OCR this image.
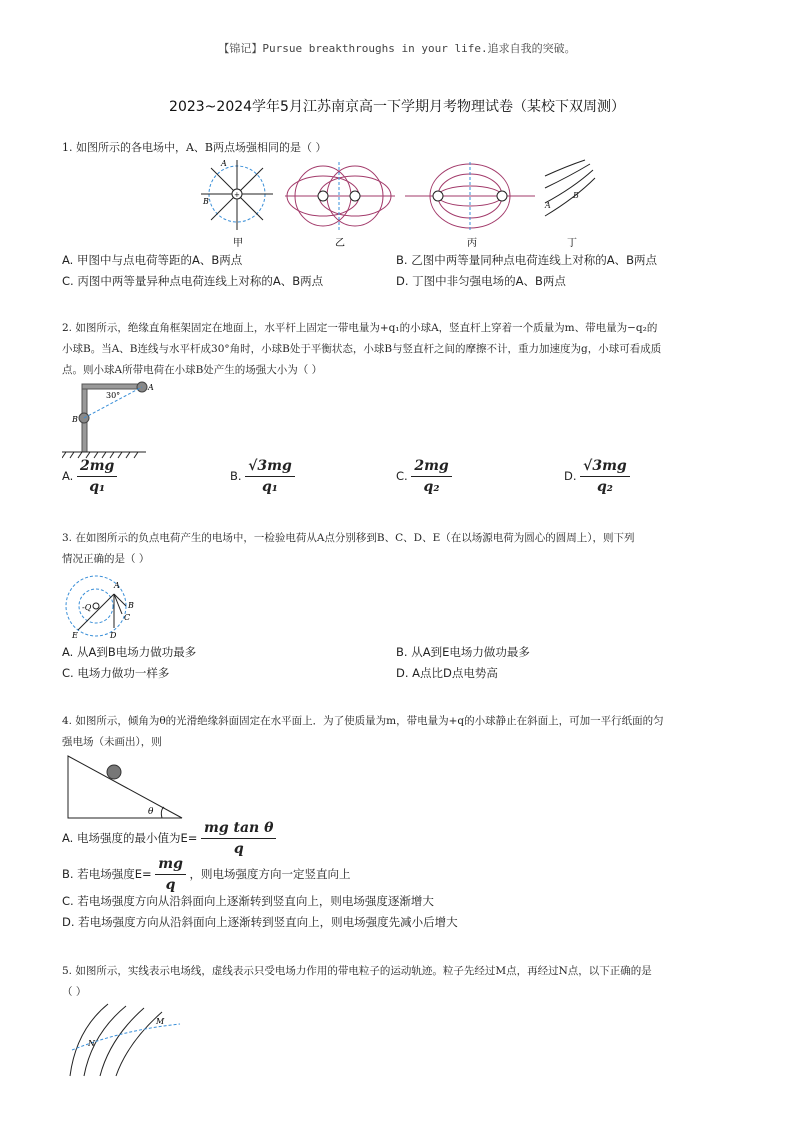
【锦记】Pursue breakthroughs in your life.追求自我的突破。
2023~2024学年5月江苏南京高一下学期月考物理试卷（某校下双周测）
1. 如图所示的各电场中，A、B两点场强相同的是（ ）
+
A
B	A
B
甲	乙	丙	丁
A. 甲图中与点电荷等距的A、B两点	B. 乙图中两等量同种点电荷连线上对称的A、B两点
C. 丙图中两等量异种点电荷连线上对称的A、B两点	D. 丁图中非匀强电场的A、B两点
2. 如图所示，绝缘直角框架固定在地面上，水平杆上固定一带电量为+q₁的小球A，竖直杆上穿着一个质量为m、带电量为−q₂的
小球B。当A、B连线与水平杆成30°角时，小球B处于平衡状态，小球B与竖直杆之间的摩擦不计，重力加速度为g，小球可看成质
点。则小球A所带电荷在小球B处产生的场强大小为（ ）
A
B
30°
A. $\frac{2mg}{\text{q₁}}$	B. $\frac{√3mg}{\text{q₁}}$	C. $\frac{2mg}{\text{q₂}}$	D. $\frac{√3mg}{\text{q₂}}$
3. 在如图所示的负点电荷产生的电场中，一检验电荷从A点分别移到B、C、D、E（在以场源电荷为圆心的圆周上），则下列
情况正确的是（ ）
-Q
A
B
C
D
E
A. 从A到B电场力做功最多	B. 从A到E电场力做功最多
C. 电场力做功一样多	D. A点比D点电势高
4. 如图所示，倾角为θ的光滑绝缘斜面固定在水平面上．为了使质量为m，带电量为+q的小球静止在斜面上，可加一平行纸面的匀
强电场（未画出），则
θ
A. 电场强度的最小值为$E= \frac{\text{mg tan θ}}{q}$
B. 若电场强度$E= \frac{mg}{q}$ ，则电场强度方向一定竖直向上
C. 若电场强度方向从沿斜面向上逐渐转到竖直向上，则电场强度逐渐增大
D. 若电场强度方向从沿斜面向上逐渐转到竖直向上，则电场强度先减小后增大
5. 如图所示，实线表示电场线，虚线表示只受电场力作用的带电粒子的运动轨迹。粒子先经过M点，再经过N点，以下正确的是
（ ）
M
N
